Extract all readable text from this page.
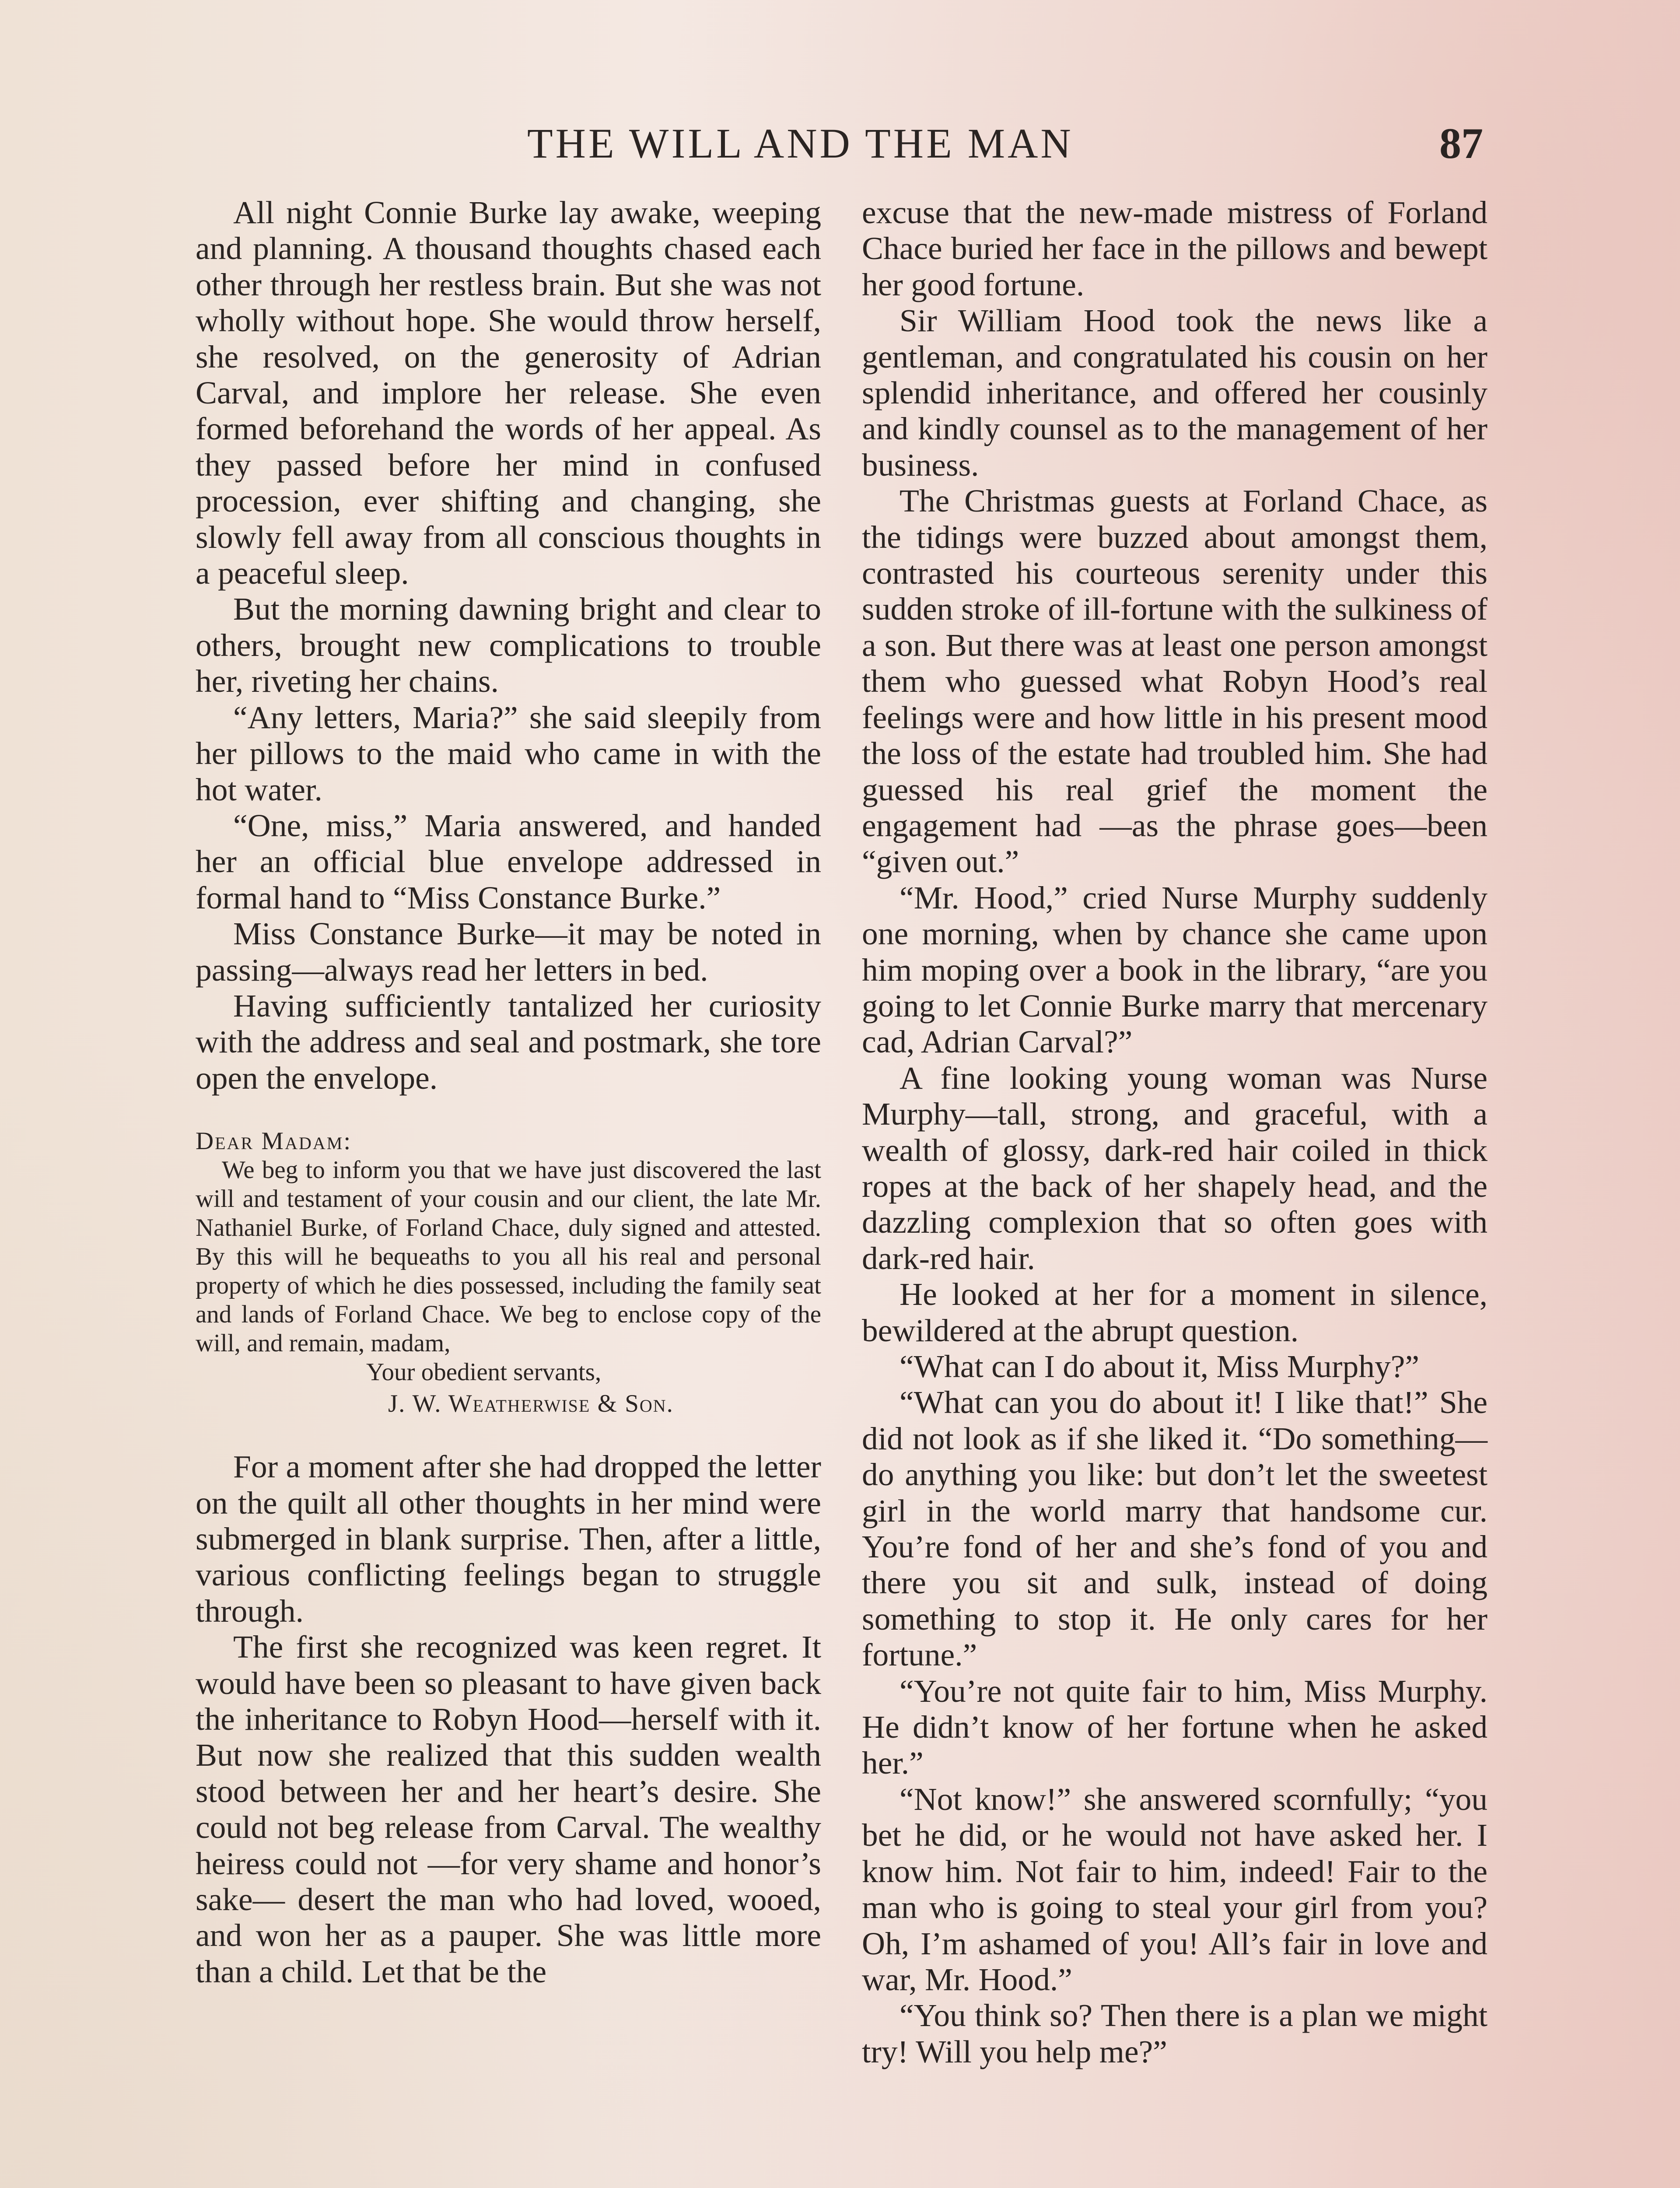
THE WILL AND THE MAN	87

All night Connie Burke lay awake, weeping and planning. A thousand thoughts chased each other through her restless brain. But she was not wholly without hope. She would throw herself, she resolved, on the generosity of Adrian Carval, and implore her release. She even formed beforehand the words of her appeal. As they passed before her mind in confused procession, ever shifting and changing, she slowly fell away from all conscious thoughts in a peaceful sleep.

But the morning dawning bright and clear to others, brought new complications to trouble her, riveting her chains.

“Any letters, Maria?” she said sleepily from her pillows to the maid who came in with the hot water.

“One, miss,” Maria answered, and handed her an official blue envelope addressed in formal hand to “Miss Constance Burke.”

Miss Constance Burke—it may be noted in passing—always read her letters in bed.

Having sufficiently tantalized her curiosity with the address and seal and postmark, she tore open the envelope.

Dear Madam:

We beg to inform you that we have just discovered the last will and testament of your cousin and our client, the late Mr. Nathaniel Burke, of Forland Chace, duly signed and attested. By this will he bequeaths to you all his real and personal property of which he dies possessed, including the family seat and lands of Forland Chace. We beg to enclose copy of the will, and remain, madam,

Your obedient servants,

J. W. Weatherwise & Son.

For a moment after she had dropped the letter on the quilt all other thoughts in her mind were submerged in blank surprise. Then, after a little, various conflicting feelings began to struggle through.

The first she recognized was keen regret. It would have been so pleasant to have given back the inheritance to Robyn Hood—herself with it. But now she realized that this sudden wealth stood between her and her heart’s desire. She could not beg release from Carval. The wealthy heiress could not —for very shame and honor’s sake— desert the man who had loved, wooed, and won her as a pauper. She was little more than a child. Let that be the

excuse that the new-made mistress of Forland Chace buried her face in the pillows and bewept her good fortune.

Sir William Hood took the news like a gentleman, and congratulated his cousin on her splendid inheritance, and offered her cousinly and kindly counsel as to the management of her business.

The Christmas guests at Forland Chace, as the tidings were buzzed about amongst them, contrasted his courteous serenity under this sudden stroke of ill-fortune with the sulkiness of a son. But there was at least one person amongst them who guessed what Robyn Hood’s real feelings were and how little in his present mood the loss of the estate had troubled him. She had guessed his real grief the moment the engagement had —as the phrase goes—been “given out.”

“Mr. Hood,” cried Nurse Murphy suddenly one morning, when by chance she came upon him moping over a book in the library, “are you going to let Connie Burke marry that mercenary cad, Adrian Carval?”

A fine looking young woman was Nurse Murphy—tall, strong, and graceful, with a wealth of glossy, dark-red hair coiled in thick ropes at the back of her shapely head, and the dazzling complexion that so often goes with dark-red hair.

He looked at her for a moment in silence, bewildered at the abrupt question.

“What can I do about it, Miss Murphy?”

“What can you do about it! I like that!” She did not look as if she liked it. “Do something—do anything you like: but don’t let the sweetest girl in the world marry that handsome cur. You’re fond of her and she’s fond of you and there you sit and sulk, instead of doing something to stop it. He only cares for her fortune.”

“You’re not quite fair to him, Miss Murphy. He didn’t know of her fortune when he asked her.”

“Not know!” she answered scornfully; “you bet he did, or he would not have asked her. I know him. Not fair to him, indeed! Fair to the man who is going to steal your girl from you? Oh, I’m ashamed of you! All’s fair in love and war, Mr. Hood.”

“You think so? Then there is a plan we might try! Will you help me?”
